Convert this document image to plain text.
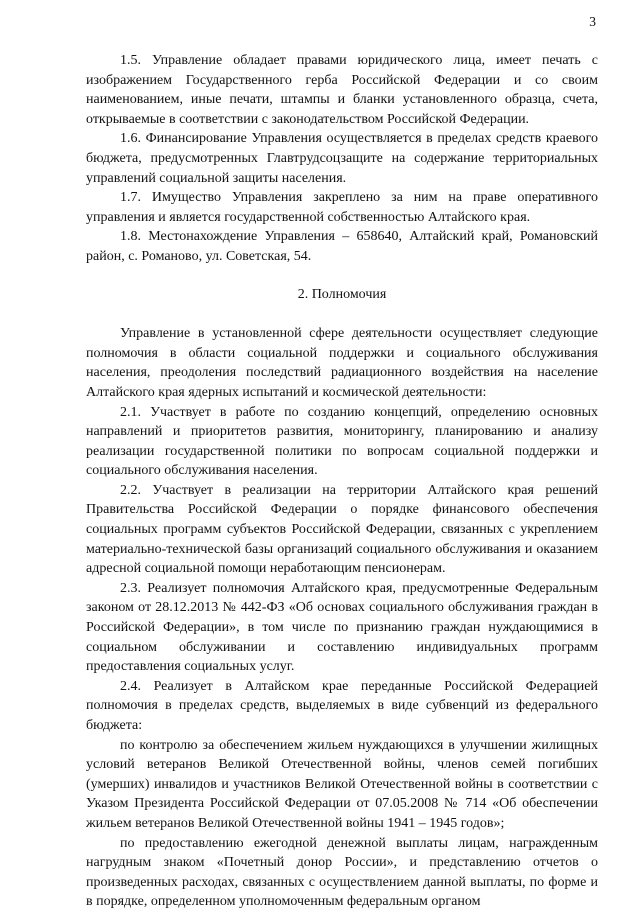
3

1.5. Управление обладает правами юридического лица, имеет печать с изображением Государственного герба Российской Федерации и со своим наименованием, иные печати, штампы и бланки установленного образца, счета, открываемые в соответствии с законодательством Российской Федерации.

1.6. Финансирование Управления осуществляется в пределах средств краевого бюджета, предусмотренных Главтрудсоцзащите на содержание территориальных управлений социальной защиты населения.

1.7. Имущество Управления закреплено за ним на праве оперативного управления и является государственной собственностью Алтайского края.

1.8. Местонахождение Управления – 658640, Алтайский край, Романовский район, с. Романово, ул. Советская, 54.

2. Полномочия

Управление в установленной сфере деятельности осуществляет следующие полномочия в области социальной поддержки и социального обслуживания населения, преодоления последствий радиационного воздействия на население Алтайского края ядерных испытаний и космической деятельности:

2.1. Участвует в работе по созданию концепций, определению основных направлений и приоритетов развития, мониторингу, планированию и анализу реализации государственной политики по вопросам социальной поддержки и социального обслуживания населения.

2.2. Участвует в реализации на территории Алтайского края решений Правительства Российской Федерации о порядке финансового обеспечения социальных программ субъектов Российской Федерации, связанных с укреплением материально-технической базы организаций социального обслуживания и оказанием адресной социальной помощи неработающим пенсионерам.

2.3. Реализует полномочия Алтайского края, предусмотренные Федеральным законом от 28.12.2013 № 442-ФЗ «Об основах социального обслуживания граждан в Российской Федерации», в том числе по признанию граждан нуждающимися в социальном обслуживании и составлению индивидуальных программ предоставления социальных услуг.

2.4. Реализует в Алтайском крае переданные Российской Федерацией полномочия в пределах средств, выделяемых в виде субвенций из федерального бюджета:

по контролю за обеспечением жильем нуждающихся в улучшении жилищных условий ветеранов Великой Отечественной войны, членов семей погибших (умерших) инвалидов и участников Великой Отечественной войны в соответствии с Указом Президента Российской Федерации от 07.05.2008 № 714 «Об обеспечении жильем ветеранов Великой Отечественной войны 1941 – 1945 годов»;

по предоставлению ежегодной денежной выплаты лицам, награжденным нагрудным знаком «Почетный донор России», и представлению отчетов о произведенных расходах, связанных с осуществлением данной выплаты, по форме и в порядке, определенном уполномоченным федеральным органом
